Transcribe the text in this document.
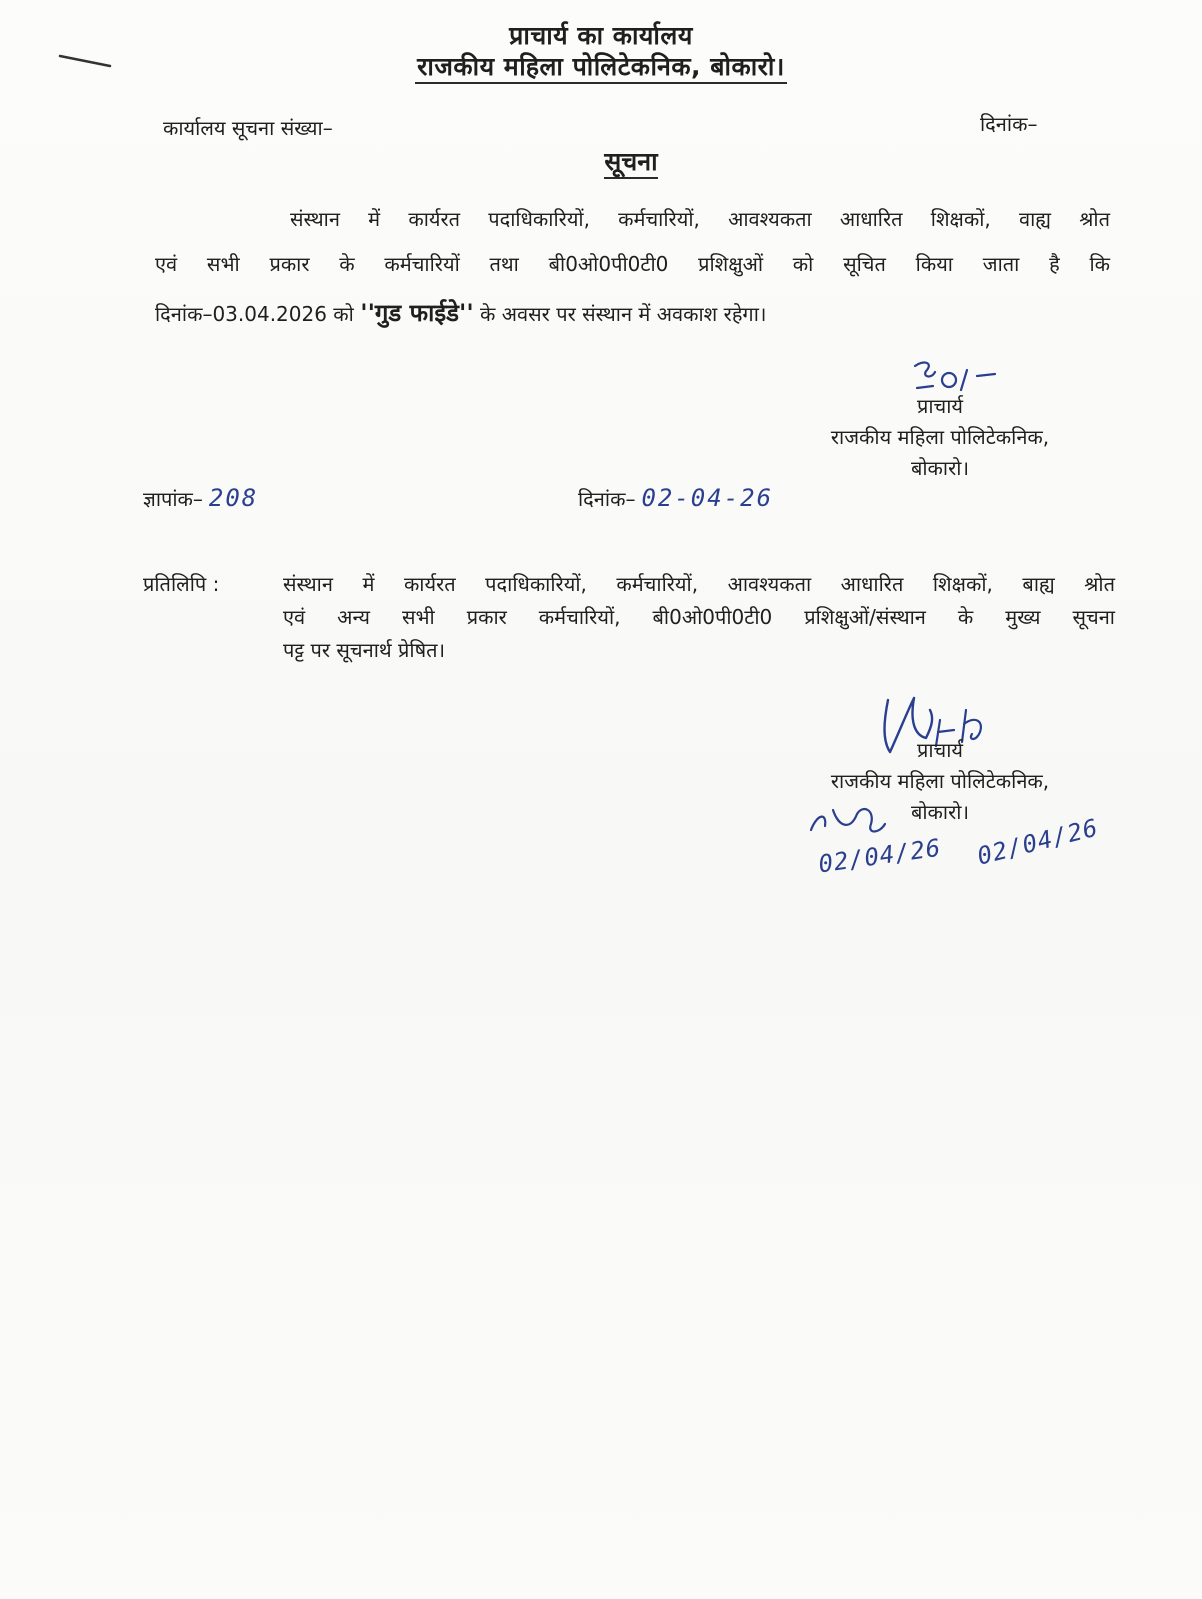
प्राचार्य का कार्यालय
राजकीय महिला पोलिटेकनिक, बोकारो।
कार्यालय सूचना संख्या–	दिनांक–
सूचना
संस्थान में कार्यरत पदाधिकारियों, कर्मचारियों, आवश्यकता आधारित शिक्षकों, वाह्य श्रोत
एवं सभी प्रकार के कर्मचारियों तथा बी0ओ0पी0टी0 प्रशिक्षुओं को सूचित किया जाता है कि
दिनांक–03.04.2026 को ''गुड फाईडे'' के अवसर पर संस्थान में अवकाश रहेगा।
प्राचार्य
राजकीय महिला पोलिटेकनिक,
बोकारो।
ज्ञापांक– 208	दिनांक– 02-04-26
प्रतिलिपि :	संस्थान में कार्यरत पदाधिकारियों, कर्मचारियों, आवश्यकता आधारित शिक्षकों, बाह्य श्रोत
एवं अन्य सभी प्रकार कर्मचारियों, बी0ओ0पी0टी0 प्रशिक्षुओं/संस्थान के मुख्य सूचना
पट्ट पर सूचनार्थ प्रेषित।
प्राचार्य
राजकीय महिला पोलिटेकनिक,
बोकारो।
02/04/26 02/04/26
